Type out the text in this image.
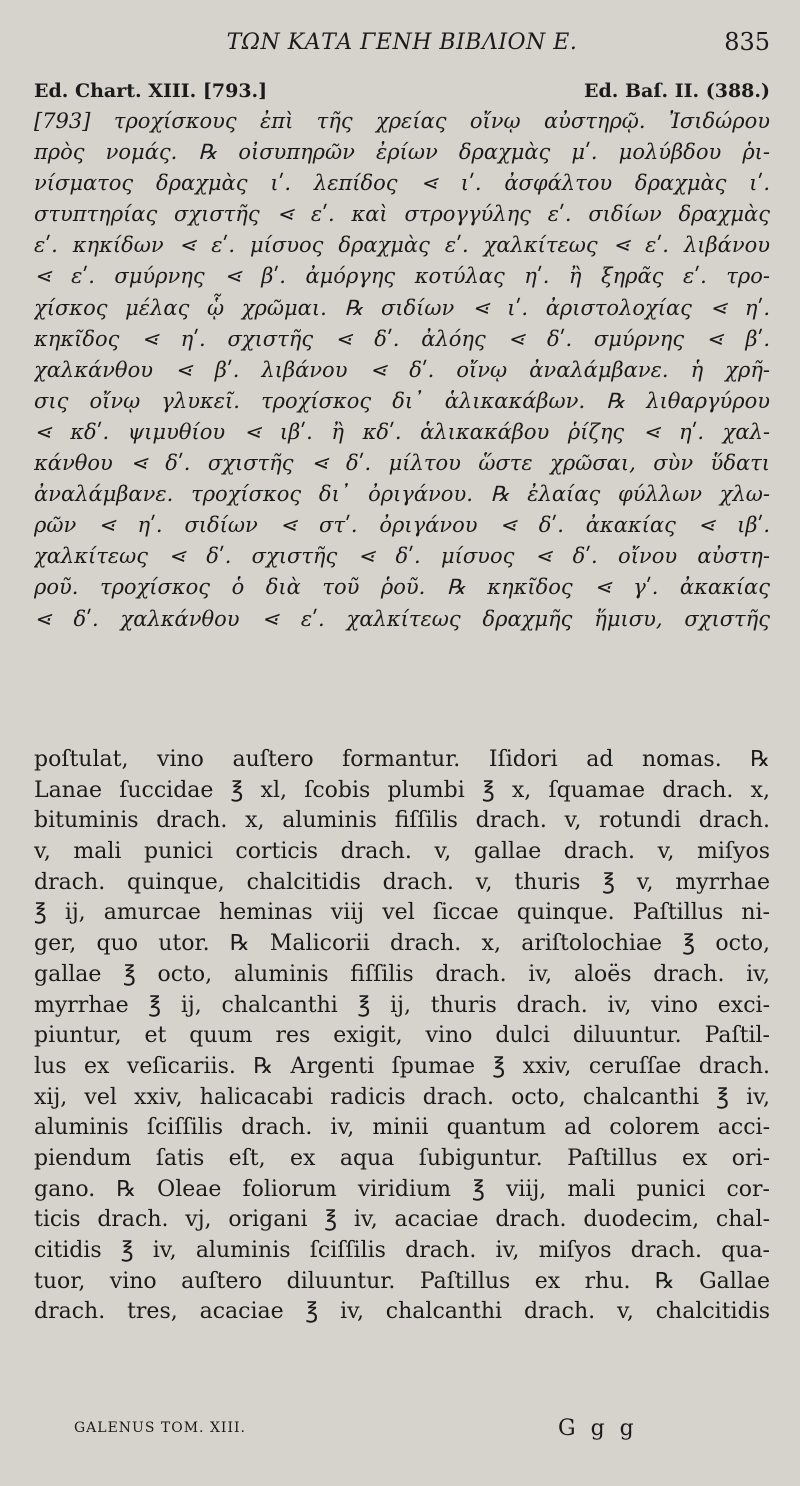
ΤΩΝ ΚΑΤΑ ΓΕΝΗ ΒΙΒΛΙΟΝ Ε.	835
Ed. Chart. XIII. [793.]	Ed. Baſ. II. (388.)
[793] τροχίσκους ἐπὶ τῆς χρείας οἴνῳ αὐστηρῷ. Ἰσιδώρου
πρὸς νομάς. ℞ οἰσυπηρῶν ἐρίων δραχμὰς μʹ. μολύβδου ῥι-
νίσματος δραχμὰς ιʹ. λεπίδος ⋖ ιʹ. ἀσφάλτου δραχμὰς ιʹ.
στυπτηρίας σχιστῆς ⋖ εʹ. καὶ στρογγύλης εʹ. σιδίων δραχμὰς
εʹ. κηκίδων ⋖ εʹ. μίσυος δραχμὰς εʹ. χαλκίτεως ⋖ εʹ. λιβάνου
⋖ εʹ. σμύρνης ⋖ βʹ. ἀμόργης κοτύλας ηʹ. ἢ ξηρᾶς εʹ. τρο-
χίσκος μέλας ᾧ χρῶμαι. ℞ σιδίων ⋖ ιʹ. ἀριστολοχίας ⋖ ηʹ.
κηκῖδος ⋖ ηʹ. σχιστῆς ⋖ δʹ. ἀλόης ⋖ δʹ. σμύρνης ⋖ βʹ.
χαλκάνθου ⋖ βʹ. λιβάνου ⋖ δʹ. οἴνῳ ἀναλάμβανε. ἡ χρῆ-
σις οἴνῳ γλυκεῖ. τροχίσκος δι᾽ ἁλικακάβων. ℞ λιθαργύρου
⋖ κδʹ. ψιμυθίου ⋖ ιβʹ. ἢ κδʹ. ἁλικακάβου ῥίζης ⋖ ηʹ. χαλ-
κάνθου ⋖ δʹ. σχιστῆς ⋖ δʹ. μίλτου ὥστε χρῶσαι, σὺν ὕδατι
ἀναλάμβανε. τροχίσκος δι᾽ ὀριγάνου. ℞ ἐλαίας φύλλων χλω-
ρῶν ⋖ ηʹ. σιδίων ⋖ στʹ. ὀριγάνου ⋖ δʹ. ἀκακίας ⋖ ιβʹ.
χαλκίτεως ⋖ δʹ. σχιστῆς ⋖ δʹ. μίσυος ⋖ δʹ. οἴνου αὐστη-
ροῦ. τροχίσκος ὁ διὰ τοῦ ῥοῦ. ℞ κηκῖδος ⋖ γʹ. ἀκακίας
⋖ δʹ. χαλκάνθου ⋖ εʹ. χαλκίτεως δραχμῆς ἥμισυ, σχιστῆς
poſtulat, vino auſtero formantur. Iſidori ad nomas. ℞
Lanae ſuccidae ℥ xl, ſcobis plumbi ℥ x, ſquamae drach. x,
bituminis drach. x, aluminis fiſſilis drach. v, rotundi drach.
v, mali punici corticis drach. v, gallae drach. v, miſyos
drach. quinque, chalcitidis drach. v, thuris ℥ v, myrrhae
℥ ij, amurcae heminas viij vel ſiccae quinque. Paſtillus ni-
ger, quo utor. ℞ Malicorii drach. x, ariſtolochiae ℥ octo,
gallae ℥ octo, aluminis fiſſilis drach. iv, aloës drach. iv,
myrrhae ℥ ij, chalcanthi ℥ ij, thuris drach. iv, vino exci-
piuntur, et quum res exigit, vino dulci diluuntur. Paſtil-
lus ex veſicariis. ℞ Argenti ſpumae ℥ xxiv, ceruſſae drach.
xij, vel xxiv, halicacabi radicis drach. octo, chalcanthi ℥ iv,
aluminis ſciſſilis drach. iv, minii quantum ad colorem acci-
piendum ſatis eſt, ex aqua ſubiguntur. Paſtillus ex ori-
gano. ℞ Oleae foliorum viridium ℥ viij, mali punici cor-
ticis drach. vj, origani ℥ iv, acaciae drach. duodecim, chal-
citidis ℥ iv, aluminis ſciſſilis drach. iv, miſyos drach. qua-
tuor, vino auſtero diluuntur. Paſtillus ex rhu. ℞ Gallae
drach. tres, acaciae ℥ iv, chalcanthi drach. v, chalcitidis
GALENUS TOM. XIII.	G g g
